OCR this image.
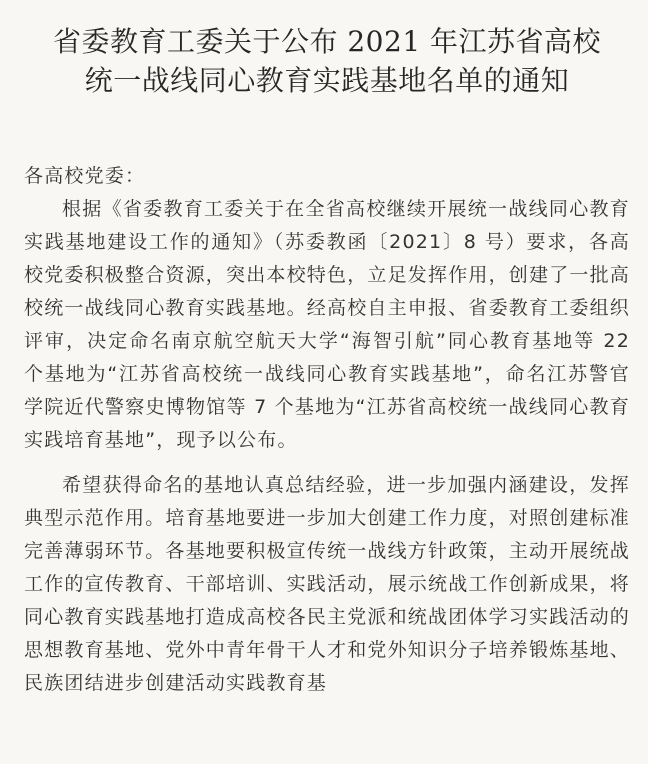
省委教育工委关于公布 2021 年江苏省高校
统一战线同心教育实践基地名单的通知

各高校党委：

根据《省委教育工委关于在全省高校继续开展统一战线同心教育实践基地建设工作的通知》（苏委教函〔2021〕8 号）要求，各高校党委积极整合资源，突出本校特色，立足发挥作用，创建了一批高校统一战线同心教育实践基地。经高校自主申报、省委教育工委组织评审，决定命名南京航空航天大学“海智引航”同心教育基地等 22 个基地为“江苏省高校统一战线同心教育实践基地”，命名江苏警官学院近代警察史博物馆等 7 个基地为“江苏省高校统一战线同心教育实践培育基地”，现予以公布。

希望获得命名的基地认真总结经验，进一步加强内涵建设，发挥典型示范作用。培育基地要进一步加大创建工作力度，对照创建标准完善薄弱环节。各基地要积极宣传统一战线方针政策，主动开展统战工作的宣传教育、干部培训、实践活动，展示统战工作创新成果，将同心教育实践基地打造成高校各民主党派和统战团体学习实践活动的思想教育基地、党外中青年骨干人才和党外知识分子培养锻炼基地、民族团结进步创建活动实践教育基
